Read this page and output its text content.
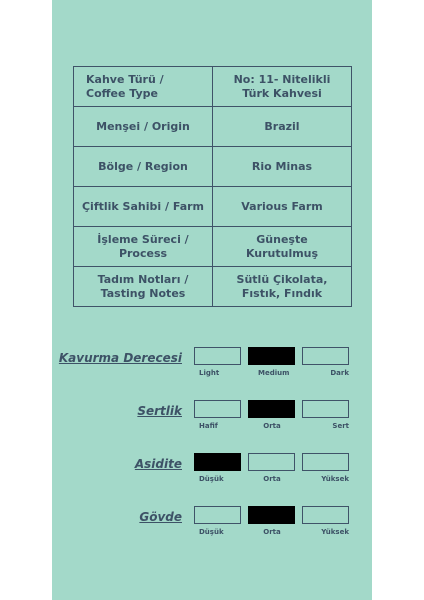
Kahve Türü / Coffee Type	No: 11- Nitelikli Türk Kahvesi
Menşei / Origin	Brazil
Bölge / Region	Rio Minas
Çiftlik Sahibi / Farm	Various Farm
İşleme Süreci / Process	Güneşte Kurutulmuş
Tadım Notları / Tasting Notes	Sütlü Çikolata, Fıstık, Fındık
Kavurma Derecesi
Light	Medium	Dark
Sertlik
Hafif	Orta	Sert
Asidite
Düşük	Orta	Yüksek
Gövde
Düşük	Orta	Yüksek
